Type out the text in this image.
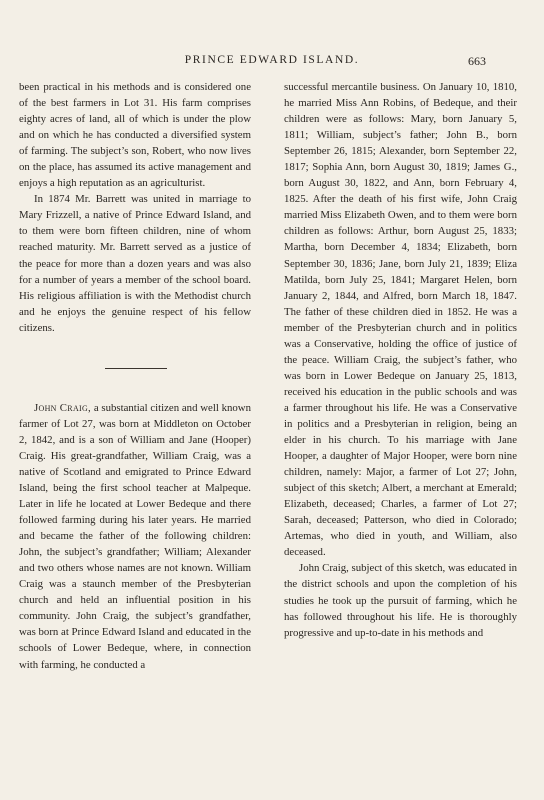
PRINCE EDWARD ISLAND.	663

been practical in his methods and is considered one of the best farmers in Lot 31. His farm comprises eighty acres of land, all of which is under the plow and on which he has conducted a diversified system of farming. The subject’s son, Robert, who now lives on the place, has assumed its active management and enjoys a high reputation as an agriculturist.

In 1874 Mr. Barrett was united in marriage to Mary Frizzell, a native of Prince Edward Island, and to them were born fifteen children, nine of whom reached maturity. Mr. Barrett served as a justice of the peace for more than a dozen years and was also for a number of years a member of the school board. His religious affiliation is with the Methodist church and he enjoys the genuine respect of his fellow citizens.

John Craig, a substantial citizen and well known farmer of Lot 27, was born at Middleton on October 2, 1842, and is a son of William and Jane (Hooper) Craig. His great-grandfather, William Craig, was a native of Scotland and emigrated to Prince Edward Island, being the first school teacher at Malpeque. Later in life he located at Lower Bedeque and there followed farming during his later years. He married and became the father of the following children: John, the subject’s grandfather; William; Alexander and two others whose names are not known. William Craig was a staunch member of the Presbyterian church and held an influential position in his community. John Craig, the subject’s grandfather, was born at Prince Edward Island and educated in the schools of Lower Bedeque, where, in connection with farming, he conducted a

successful mercantile business. On January 10, 1810, he married Miss Ann Robins, of Bedeque, and their children were as follows: Mary, born January 5, 1811; William, subject’s father; John B., born September 26, 1815; Alexander, born September 22, 1817; Sophia Ann, born August 30, 1819; James G., born August 30, 1822, and Ann, born February 4, 1825. After the death of his first wife, John Craig married Miss Elizabeth Owen, and to them were born children as follows: Arthur, born August 25, 1833; Martha, born December 4, 1834; Elizabeth, born September 30, 1836; Jane, born July 21, 1839; Eliza Matilda, born July 25, 1841; Margaret Helen, born January 2, 1844, and Alfred, born March 18, 1847. The father of these children died in 1852. He was a member of the Presbyterian church and in politics was a Conservative, holding the office of justice of the peace. William Craig, the subject’s father, who was born in Lower Bedeque on January 25, 1813, received his education in the public schools and was a farmer throughout his life. He was a Conservative in politics and a Presbyterian in religion, being an elder in his church. To his marriage with Jane Hooper, a daughter of Major Hooper, were born nine children, namely: Major, a farmer of Lot 27; John, subject of this sketch; Albert, a merchant at Emerald; Elizabeth, deceased; Charles, a farmer of Lot 27; Sarah, deceased; Patterson, who died in Colorado; Artemas, who died in youth, and William, also deceased.

John Craig, subject of this sketch, was educated in the district schools and upon the completion of his studies he took up the pursuit of farming, which he has followed throughout his life. He is thoroughly progressive and up-to-date in his methods and
